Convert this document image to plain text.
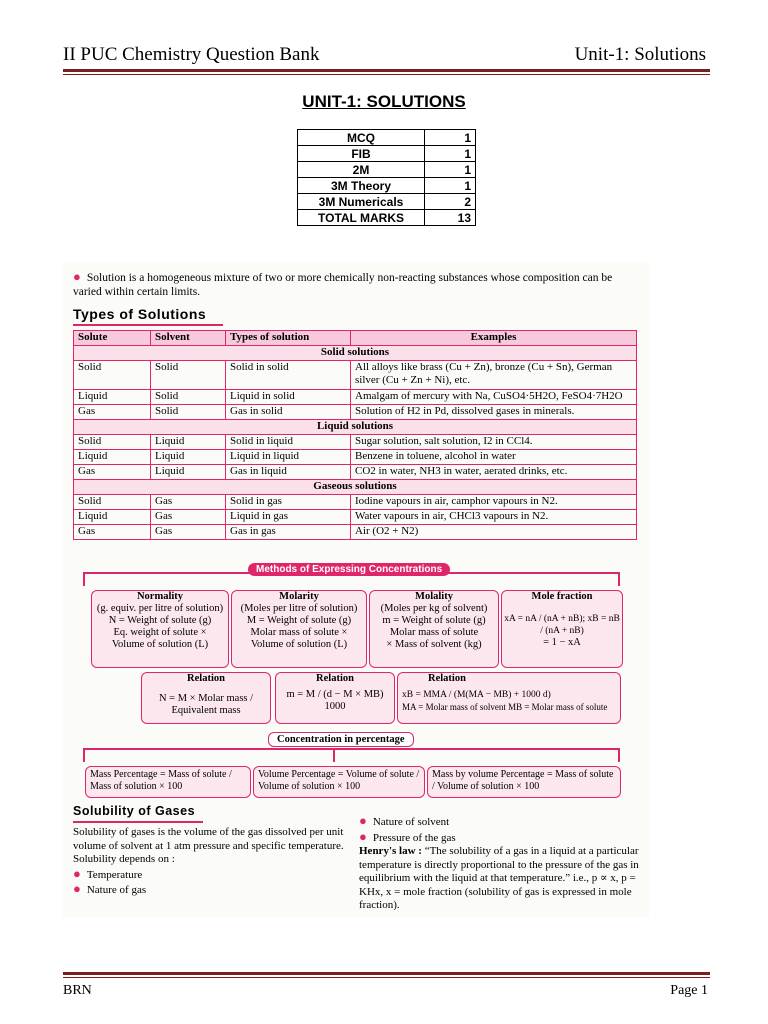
II PUC Chemistry Question Bank	Unit-1: Solutions
UNIT-1: SOLUTIONS
MCQ	1
FIB	1
2M	1
3M Theory	1
3M Numericals	2
TOTAL MARKS	13
● Solution is a homogeneous mixture of two or more chemically non-reacting substances whose composition can be varied within certain limits.
Types of Solutions
Solute	Solvent	Types of solution	Examples
Solid solutions			
Solid	Solid	Solid in solid	All alloys like brass (Cu + Zn), bronze (Cu + Sn), German silver (Cu + Zn + Ni), etc.
Liquid	Solid	Liquid in solid	Amalgam of mercury with Na, CuSO4·5H2O, FeSO4·7H2O
Gas	Solid	Gas in solid	Solution of H2 in Pd, dissolved gases in minerals.
Liquid solutions			
Solid	Liquid	Solid in liquid	Sugar solution, salt solution, I2 in CCl4.
Liquid	Liquid	Liquid in liquid	Benzene in toluene, alcohol in water
Gas	Liquid	Gas in liquid	CO2 in water, NH3 in water, aerated drinks, etc.
Gaseous solutions			
Solid	Gas	Solid in gas	Iodine vapours in air, camphor vapours in N2.
Liquid	Gas	Liquid in gas	Water vapours in air, CHCl3 vapours in N2.
Gas	Gas	Gas in gas	Air (O2 + N2)
Methods of Expressing Concentrations
Normality
(g. equiv. per litre of solution)
N = Weight of solute (g)
Eq. weight of solute ×
Volume of solution (L)
Molarity
(Moles per litre of solution)
M = Weight of solute (g)
Molar mass of solute ×
Volume of solution (L)
Molality
(Moles per kg of solvent)
m = Weight of solute (g)
Molar mass of solute
× Mass of solvent (kg)
Mole fraction
xA = nA / (nA + nB); xB = nB / (nA + nB)
= 1 − xA
Relation
N = M × Molar mass / Equivalent mass
Relation
m = M / (d − M × MB)
1000
Relation
xB = MMA / (M(MA − MB) + 1000 d)
MA = Molar mass of solvent MB = Molar mass of solute
Concentration in percentage
Mass Percentage = Mass of solute / Mass of solution × 100
Volume Percentage = Volume of solute / Volume of solution × 100
Mass by volume Percentage = Mass of solute / Volume of solution × 100
Solubility of Gases
Solubility of gases is the volume of the gas dissolved per unit volume of solvent at 1 atm pressure and specific temperature.
Solubility depends on :
● Temperature
● Nature of gas
● Nature of solvent
● Pressure of the gas
Henry's law : “The solubility of a gas in a liquid at a particular temperature is directly proportional to the pressure of the gas in equilibrium with the liquid at that temperature.” i.e., p ∝ x, p = KHx, x = mole fraction (solubility of gas is expressed in mole fraction).
BRN	Page 1
